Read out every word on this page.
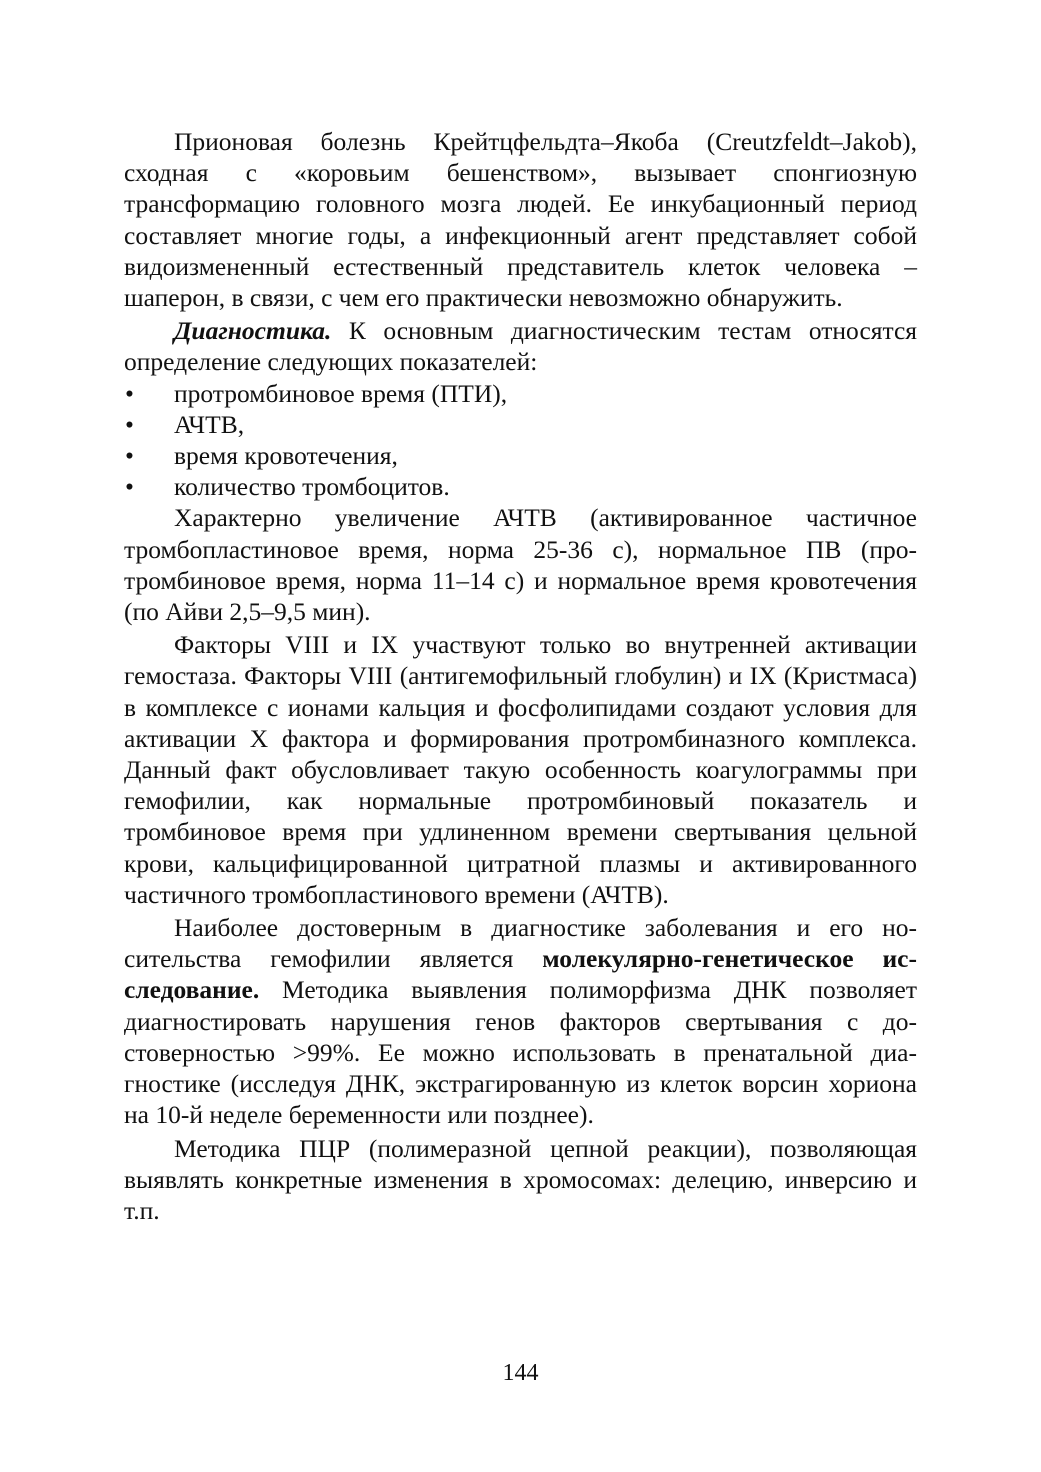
Прионовая болезнь Крейтцфельдта–Якоба (Creutzfeldt–Jakob), сходная с «коровьим бешенством», вызывает спонгиозную трансформацию головного мозга людей. Ее инкубационный период составляет многие годы, а инфекционный агент представляет собой видоизмененный естественный представитель клеток человека – шаперон, в связи, с чем его практически невозможно обнаружить.

Диагностика. К основным диагностическим тестам относятся определение следующих показателей:

• протромбиновое время (ПТИ),
• АЧТВ,
• время кровотечения,
• количество тромбоцитов.

Характерно увеличение АЧТВ (активированное частичное тромбопластиновое время, норма 25-36 с), нормальное ПВ (протромбиновое время, норма 11–14 с) и нормальное время кровотечения (по Айви 2,5–9,5 мин).

Факторы VIII и IX участвуют только во внутренней активации гемостаза. Факторы VIII (антигемофильный глобулин) и IX (Кристмаса) в комплексе с ионами кальция и фосфолипидами создают условия для активации X фактора и формирования протромбиназного комплекса. Данный факт обусловливает такую особенность коагулограммы при гемофилии, как нормальные протромбиновый показатель и тромбиновое время при удлиненном времени свертывания цельной крови, кальцифицированной цитратной плазмы и активированного частичного тромбопластинового времени (АЧТВ).

Наиболее достоверным в диагностике заболевания и его носительства гемофилии является молекулярно-генетическое исследование. Методика выявления полиморфизма ДНК позволяет диагностировать нарушения генов факторов свертывания с достоверностью >99%. Ее можно использовать в пренатальной диагностике (исследуя ДНК, экстрагированную из клеток ворсин хориона на 10-й неделе беременности или позднее).

Методика ПЦР (полимеразной цепной реакции), позволяющая выявлять конкретные изменения в хромосомах: делецию, инверсию и т.п.

144
